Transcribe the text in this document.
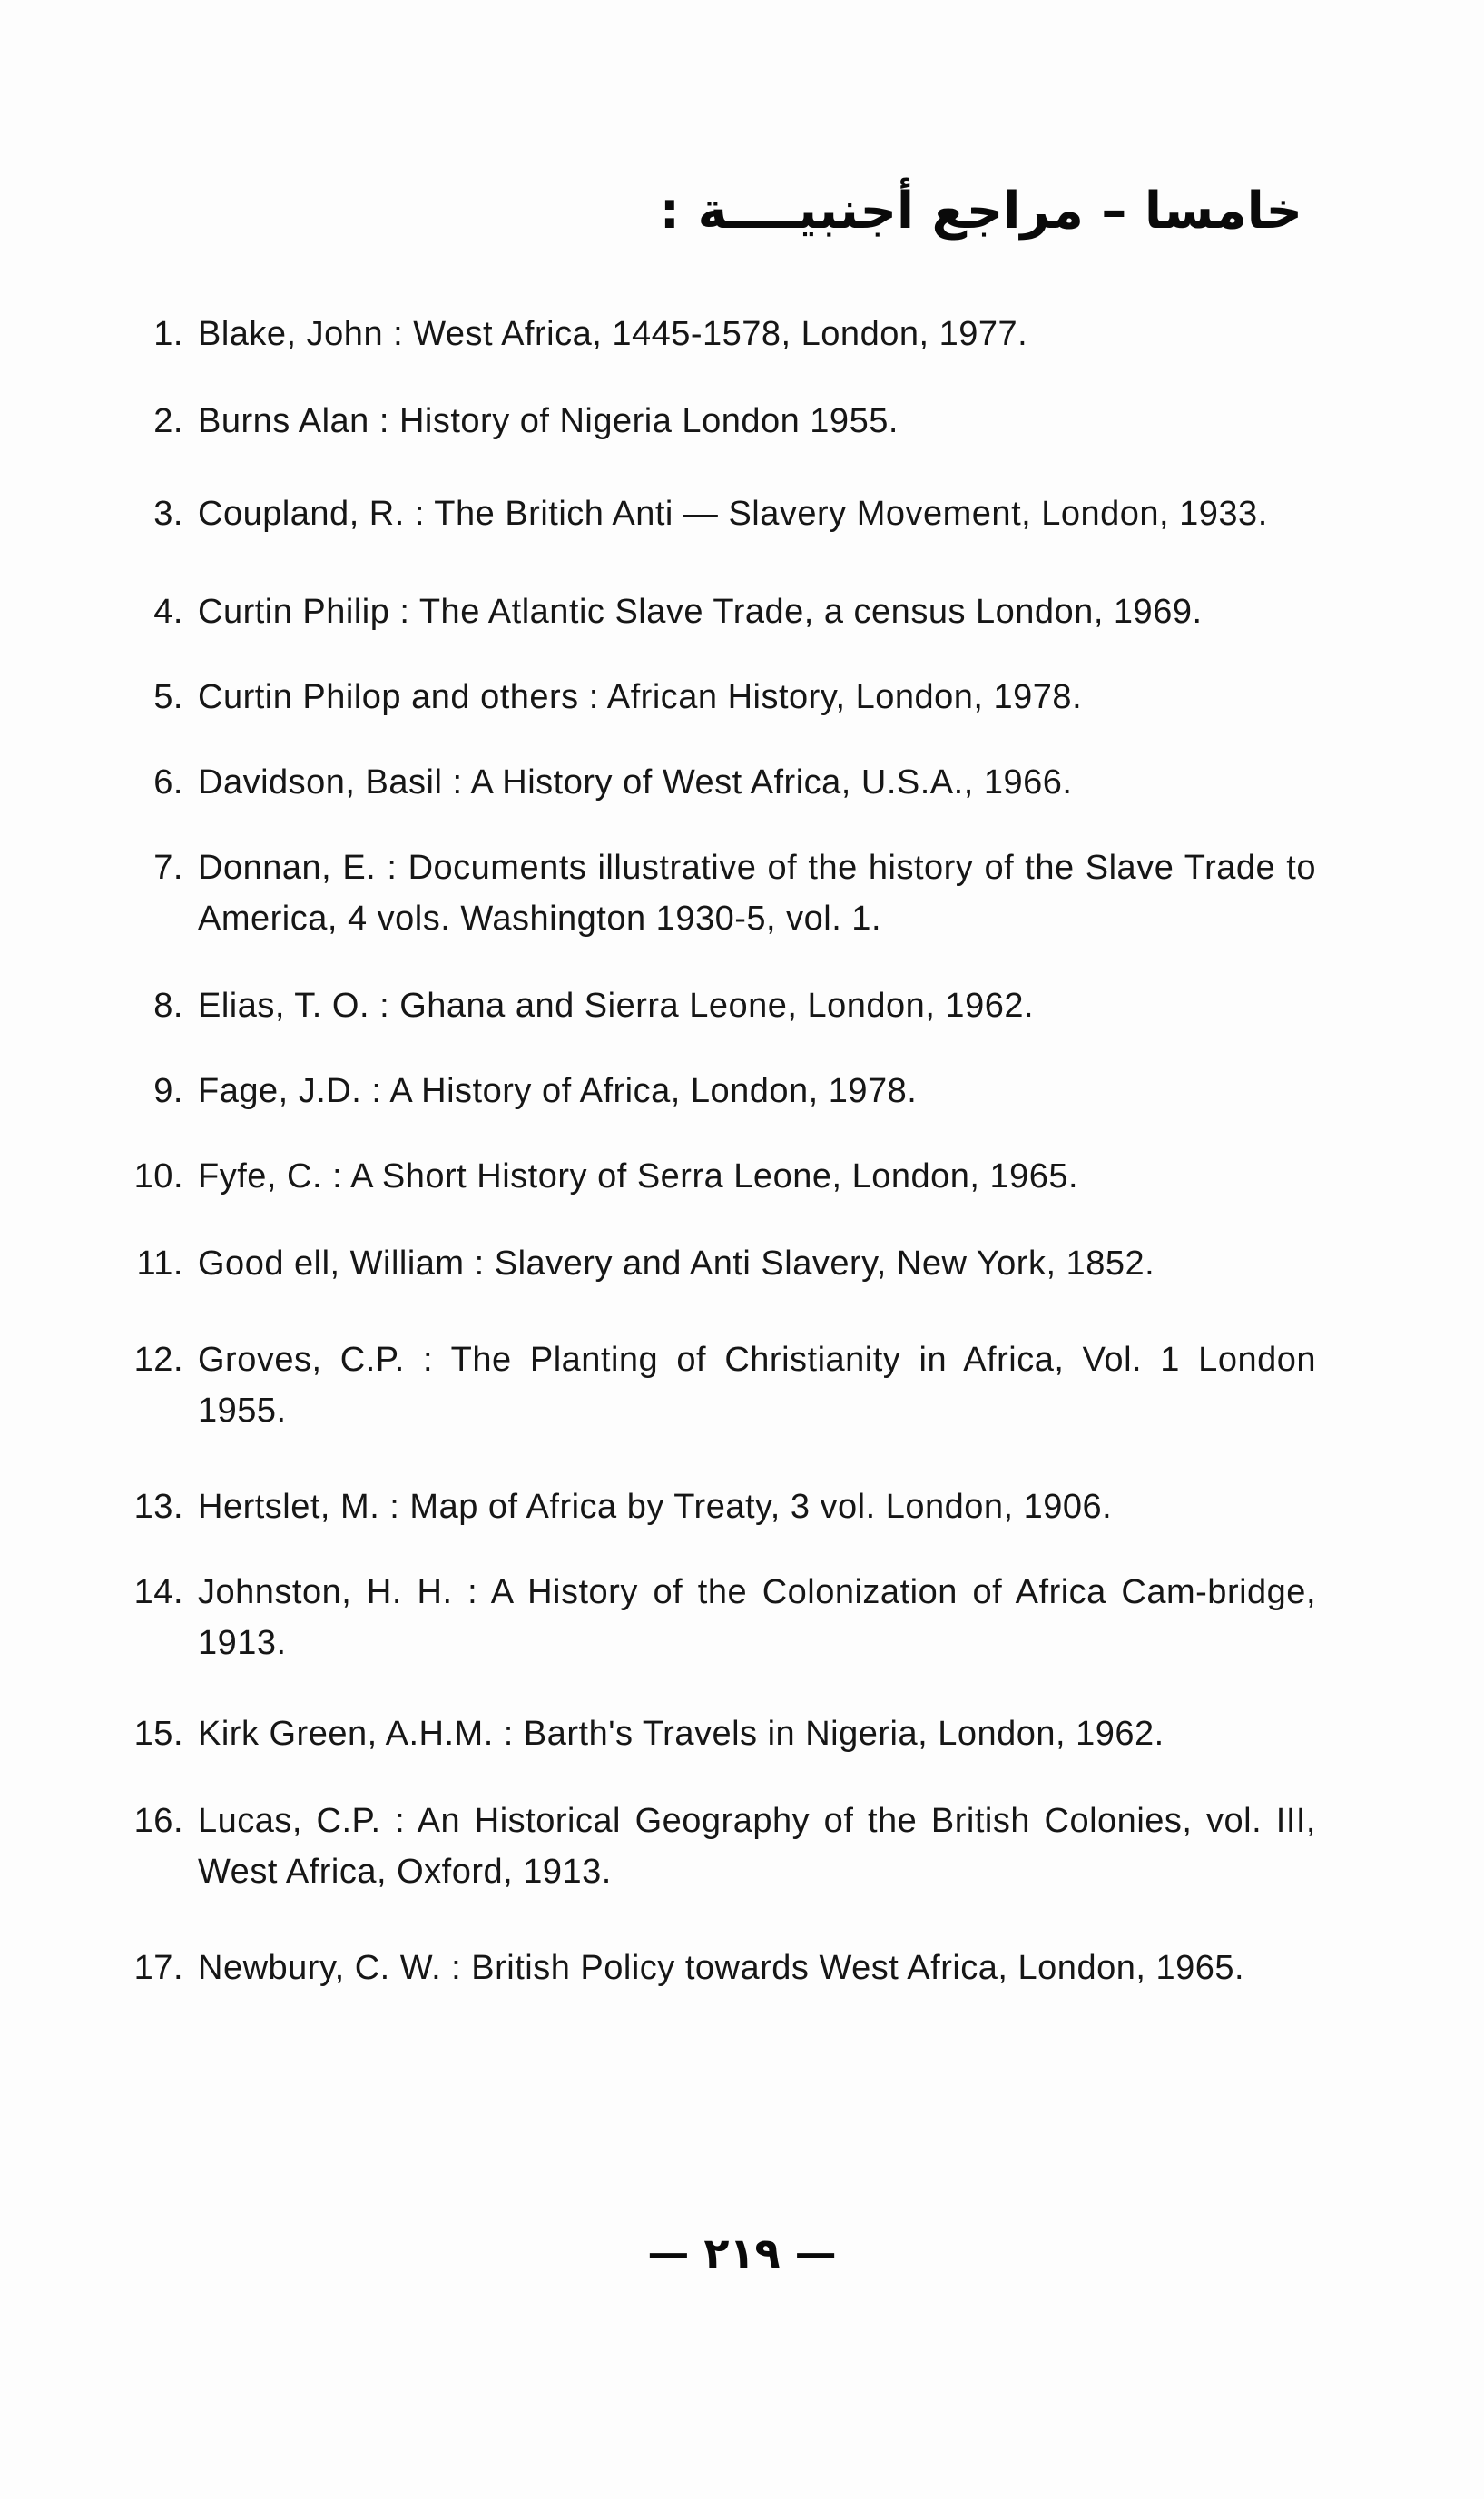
خامسا – مراجع أجنبيــــة :
1. Blake, John : West Africa, 1445-1578, London, 1977.
2. Burns Alan : History of Nigeria London 1955.
3. Coupland, R. : The Britich Anti — Slavery Movement, London, 1933.
4. Curtin Philip : The Atlantic Slave Trade, a census London, 1969.
5. Curtin Philop and others : African History, London, 1978.
6. Davidson, Basil : A History of West Africa, U.S.A., 1966.
7. Donnan, E. : Documents illustrative of the history of the Slave Trade to America, 4 vols. Washington 1930-5, vol. 1.
8. Elias, T. O. : Ghana and Sierra Leone, London, 1962.
9. Fage, J.D. : A History of Africa, London, 1978.
10. Fyfe, C. : A Short History of Serra Leone, London, 1965.
11. Good ell, William : Slavery and Anti Slavery, New York, 1852.
12. Groves, C.P. : The Planting of Christianity in Africa, Vol. 1 London 1955.
13. Hertslet, M. : Map of Africa by Treaty, 3 vol. London, 1906.
14. Johnston, H. H. : A History of the Colonization of Africa Cam-bridge, 1913.
15. Kirk Green, A.H.M. : Barth's Travels in Nigeria, London, 1962.
16. Lucas, C.P. : An Historical Geography of the British Colonies, vol. III, West Africa, Oxford, 1913.
17. Newbury, C. W. : British Policy towards West Africa, London, 1965.
— ٢١٩ —
